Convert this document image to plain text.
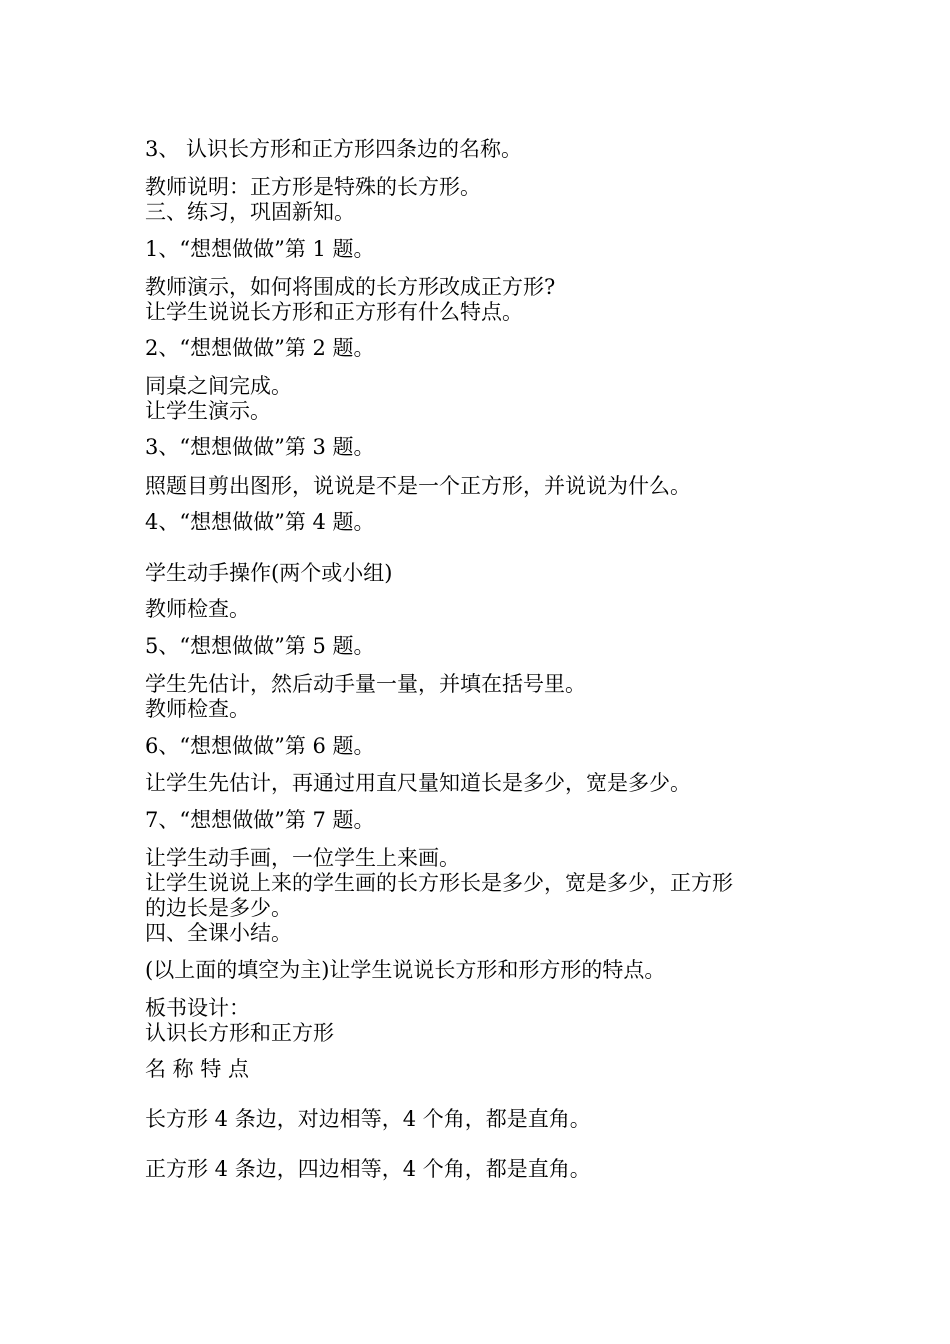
3、 认识长方形和正方形四条边的名称。
教师说明：正方形是特殊的长方形。
三、练习，巩固新知。
1、“想想做做”第 1 题。
教师演示，如何将围成的长方形改成正方形?
让学生说说长方形和正方形有什么特点。
2、“想想做做”第 2 题。
同桌之间完成。
让学生演示。
3、“想想做做”第 3 题。
照题目剪出图形，说说是不是一个正方形，并说说为什么。
4、“想想做做”第 4 题。
学生动手操作(两个或小组)
教师检查。
5、“想想做做”第 5 题。
学生先估计，然后动手量一量，并填在括号里。
教师检查。
6、“想想做做”第 6 题。
让学生先估计，再通过用直尺量知道长是多少，宽是多少。
7、“想想做做”第 7 题。
让学生动手画，一位学生上来画。
让学生说说上来的学生画的长方形长是多少，宽是多少，正方形
的边长是多少。
四、全课小结。
(以上面的填空为主)让学生说说长方形和形方形的特点。
板书设计：
认识长方形和正方形
名 称 特 点
长方形 4 条边，对边相等，4 个角，都是直角。
正方形 4 条边，四边相等，4 个角，都是直角。
